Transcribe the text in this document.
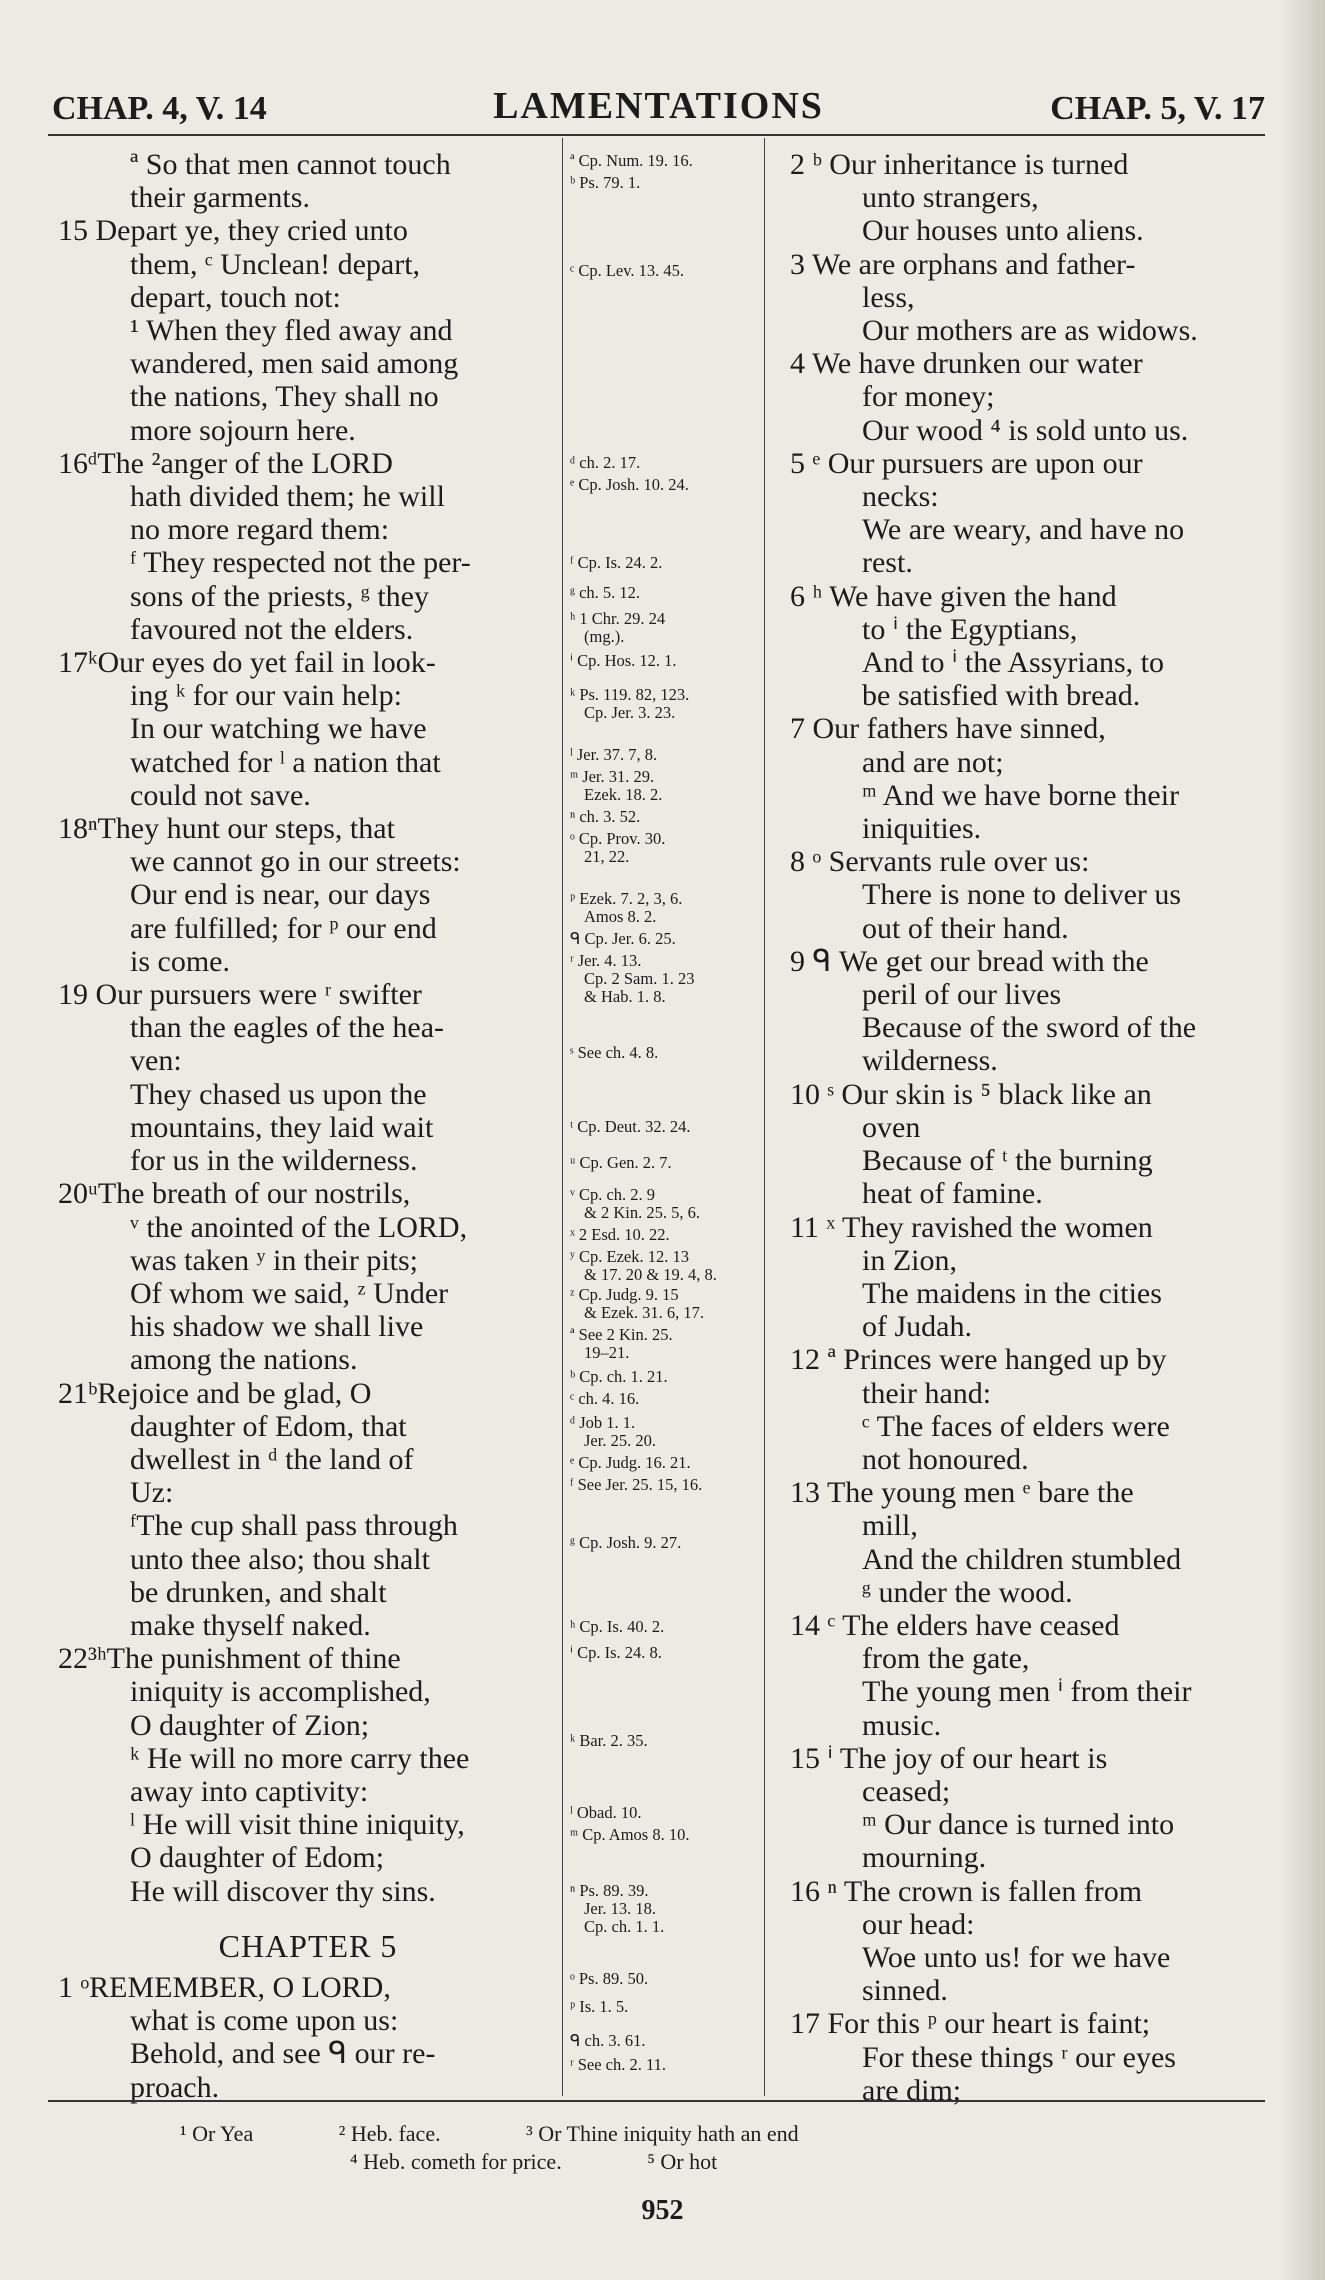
CHAP. 4, V. 14	LAMENTATIONS	CHAP. 5, V. 17
ª So that men cannot touch
their garments.
15 Depart ye, they cried unto
them, ᶜ Unclean! depart,
depart, touch not:
¹ When they fled away and
wandered, men said among
the nations, They shall no
more sojourn here.
16ᵈThe ²anger of the LORD
hath divided them; he will
no more regard them:
ᶠ They respected not the per-
sons of the priests, ᵍ they
favoured not the elders.
17ᵏOur eyes do yet fail in look-
ing ᵏ for our vain help:
In our watching we have
watched for ˡ a nation that
could not save.
18ⁿThey hunt our steps, that
we cannot go in our streets:
Our end is near, our days
are fulfilled; for ᵖ our end
is come.
19 Our pursuers were ʳ swifter
than the eagles of the hea-
ven:
They chased us upon the
mountains, they laid wait
for us in the wilderness.
20ᵘThe breath of our nostrils,
ᵛ the anointed of the LORD,
was taken ʸ in their pits;
Of whom we said, ᶻ Under
his shadow we shall live
among the nations.
21ᵇRejoice and be glad, O
daughter of Edom, that
dwellest in ᵈ the land of
Uz:
ᶠThe cup shall pass through
unto thee also; thou shalt
be drunken, and shalt
make thyself naked.
22³ʰThe punishment of thine
iniquity is accomplished,
O daughter of Zion;
ᵏ He will no more carry thee
away into captivity:
ˡ He will visit thine iniquity,
O daughter of Edom;
He will discover thy sins.
CHAPTER 5
1 ᵒREMEMBER, O LORD,
what is come upon us:
Behold, and see ᑫ our re-
proach.
ª Cp. Num. 19. 16.
ᵇ Ps. 79. 1.
ᶜ Cp. Lev. 13. 45.
ᵈ ch. 2. 17.
ᵉ Cp. Josh. 10. 24.
ᶠ Cp. Is. 24. 2.
ᵍ ch. 5. 12.
ʰ 1 Chr. 29. 24
(mg.).
ⁱ Cp. Hos. 12. 1.
ᵏ Ps. 119. 82, 123.
Cp. Jer. 3. 23.
ˡ Jer. 37. 7, 8.
ᵐ Jer. 31. 29.
Ezek. 18. 2.
ⁿ ch. 3. 52.
ᵒ Cp. Prov. 30.
21, 22.
ᵖ Ezek. 7. 2, 3, 6.
Amos 8. 2.
ᑫ Cp. Jer. 6. 25.
ʳ Jer. 4. 13.
Cp. 2 Sam. 1. 23
& Hab. 1. 8.
ˢ See ch. 4. 8.
ᵗ Cp. Deut. 32. 24.
ᵘ Cp. Gen. 2. 7.
ᵛ Cp. ch. 2. 9
& 2 Kin. 25. 5, 6.
ˣ 2 Esd. 10. 22.
ʸ Cp. Ezek. 12. 13
& 17. 20 & 19. 4, 8.
ᶻ Cp. Judg. 9. 15
& Ezek. 31. 6, 17.
ª See 2 Kin. 25.
19–21.
ᵇ Cp. ch. 1. 21.
ᶜ ch. 4. 16.
ᵈ Job 1. 1.
Jer. 25. 20.
ᵉ Cp. Judg. 16. 21.
ᶠ See Jer. 25. 15, 16.
ᵍ Cp. Josh. 9. 27.
ʰ Cp. Is. 40. 2.
ⁱ Cp. Is. 24. 8.
ᵏ Bar. 2. 35.
ˡ Obad. 10.
ᵐ Cp. Amos 8. 10.
ⁿ Ps. 89. 39.
Jer. 13. 18.
Cp. ch. 1. 1.
ᵒ Ps. 89. 50.
ᵖ Is. 1. 5.
ᑫ ch. 3. 61.
ʳ See ch. 2. 11.
2 ᵇ Our inheritance is turned
unto strangers,
Our houses unto aliens.
3 We are orphans and father-
less,
Our mothers are as widows.
4 We have drunken our water
for money;
Our wood ⁴ is sold unto us.
5 ᵉ Our pursuers are upon our
necks:
We are weary, and have no
rest.
6 ʰ We have given the hand
to ⁱ the Egyptians,
And to ⁱ the Assyrians, to
be satisfied with bread.
7 Our fathers have sinned,
and are not;
ᵐ And we have borne their
iniquities.
8 ᵒ Servants rule over us:
There is none to deliver us
out of their hand.
9 ᑫ We get our bread with the
peril of our lives
Because of the sword of the
wilderness.
10 ˢ Our skin is ⁵ black like an
oven
Because of ᵗ the burning
heat of famine.
11 ˣ They ravished the women
in Zion,
The maidens in the cities
of Judah.
12 ª Princes were hanged up by
their hand:
ᶜ The faces of elders were
not honoured.
13 The young men ᵉ bare the
mill,
And the children stumbled
ᵍ under the wood.
14 ᶜ The elders have ceased
from the gate,
The young men ⁱ from their
music.
15 ⁱ The joy of our heart is
ceased;
ᵐ Our dance is turned into
mourning.
16 ⁿ The crown is fallen from
our head:
Woe unto us! for we have
sinned.
17 For this ᵖ our heart is faint;
For these things ʳ our eyes
are dim;
¹ Or Yea	² Heb. face.	³ Or Thine iniquity hath an end
⁴ Heb. cometh for price.	⁵ Or hot
952
